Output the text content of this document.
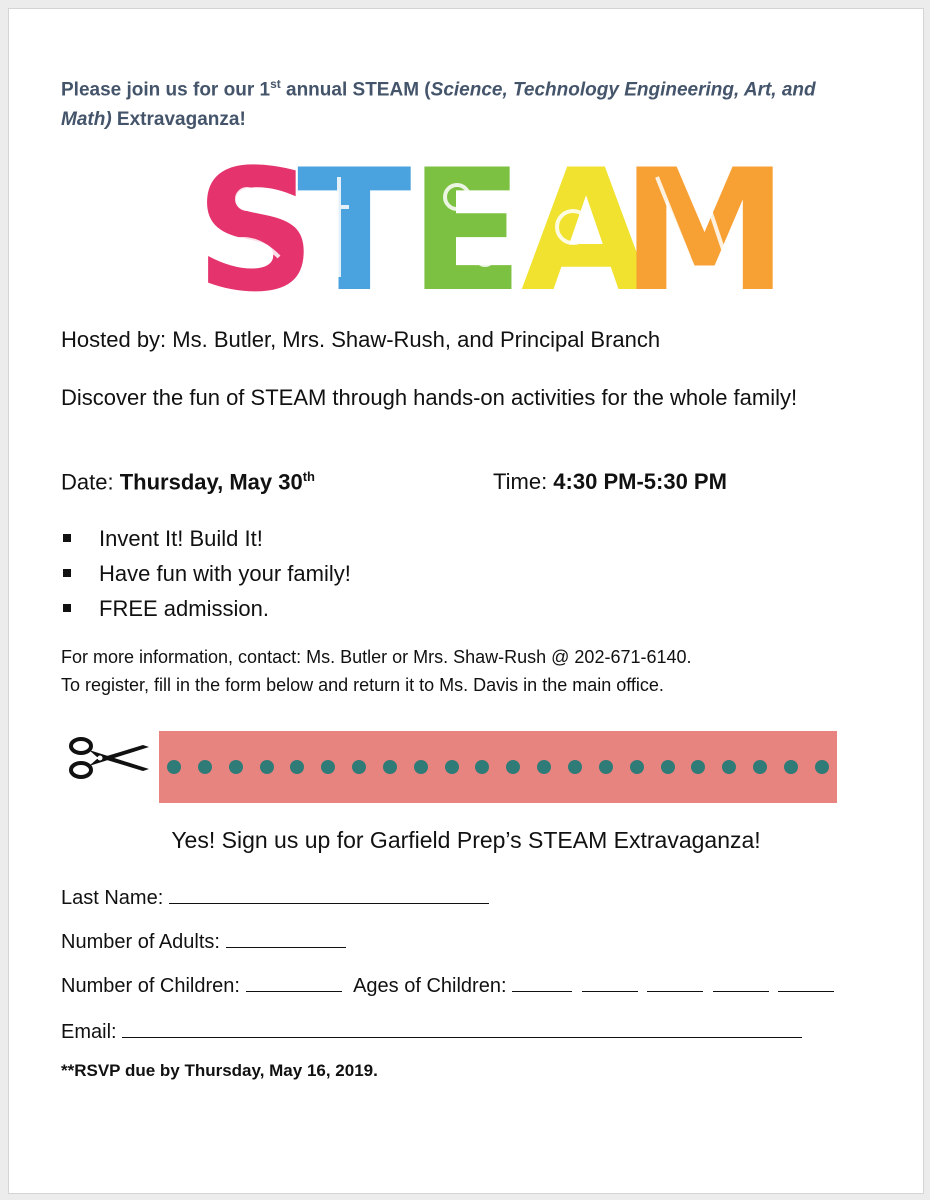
Please join us for our 1st annual STEAM (Science, Technology Engineering, Art, and Math) Extravaganza!
S
T
E
A
M
Hosted by: Ms. Butler, Mrs. Shaw-Rush, and Principal Branch
Discover the fun of STEAM through hands-on activities for the whole family!
Date: Thursday, May 30th	Time: 4:30 PM-5:30 PM
Invent It! Build It!
Have fun with your family!
FREE admission.
For more information, contact: Ms. Butler or Mrs. Shaw-Rush @ 202-671-6140.
To register, fill in the form below and return it to Ms. Davis in the main office.
Yes! Sign us up for Garfield Prep’s STEAM Extravaganza!
Last Name:
Number of Adults:
Number of Children:	Ages of Children:
Email:
**RSVP due by Thursday, May 16, 2019.
